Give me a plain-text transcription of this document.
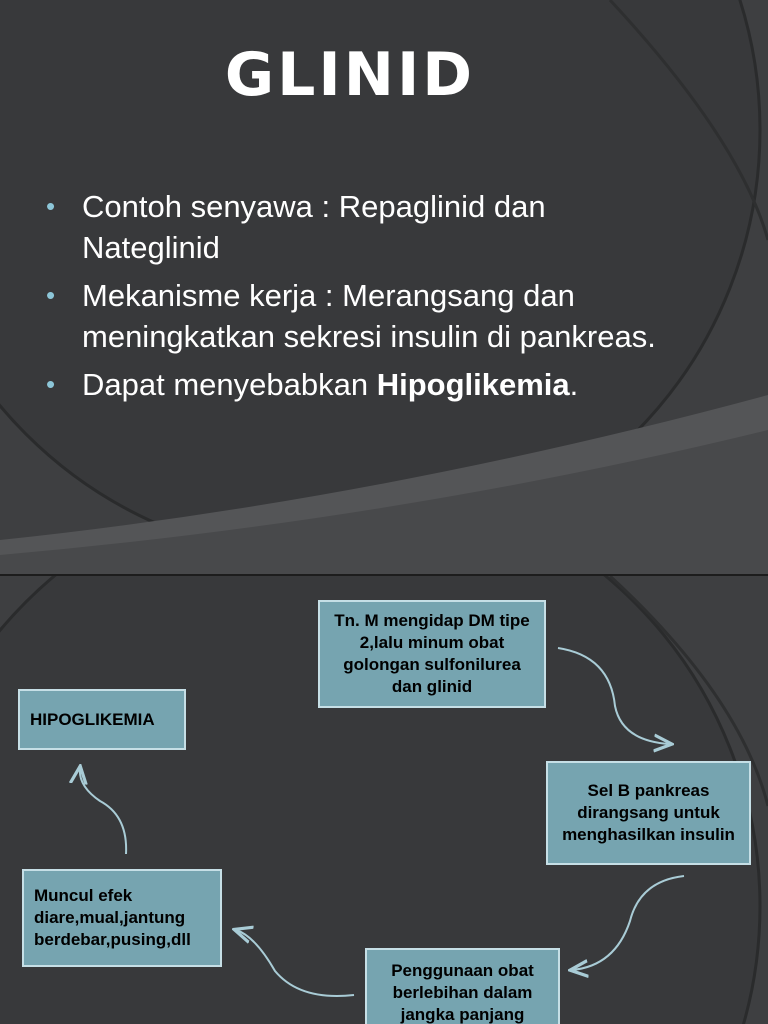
GLINID
• Contoh senyawa : Repaglinid dan Nateglinid
• Mekanisme kerja : Merangsang dan meningkatkan sekresi insulin di pankreas.
• Dapat menyebabkan Hipoglikemia.
Tn. M mengidap DM tipe 2,lalu minum obat golongan sulfonilurea dan glinid
Sel B pankreas dirangsang untuk menghasilkan insulin
Penggunaan obat berlebihan dalam jangka panjang
Muncul efek diare,mual,jantung berdebar,pusing,dll
HIPOGLIKEMIA
